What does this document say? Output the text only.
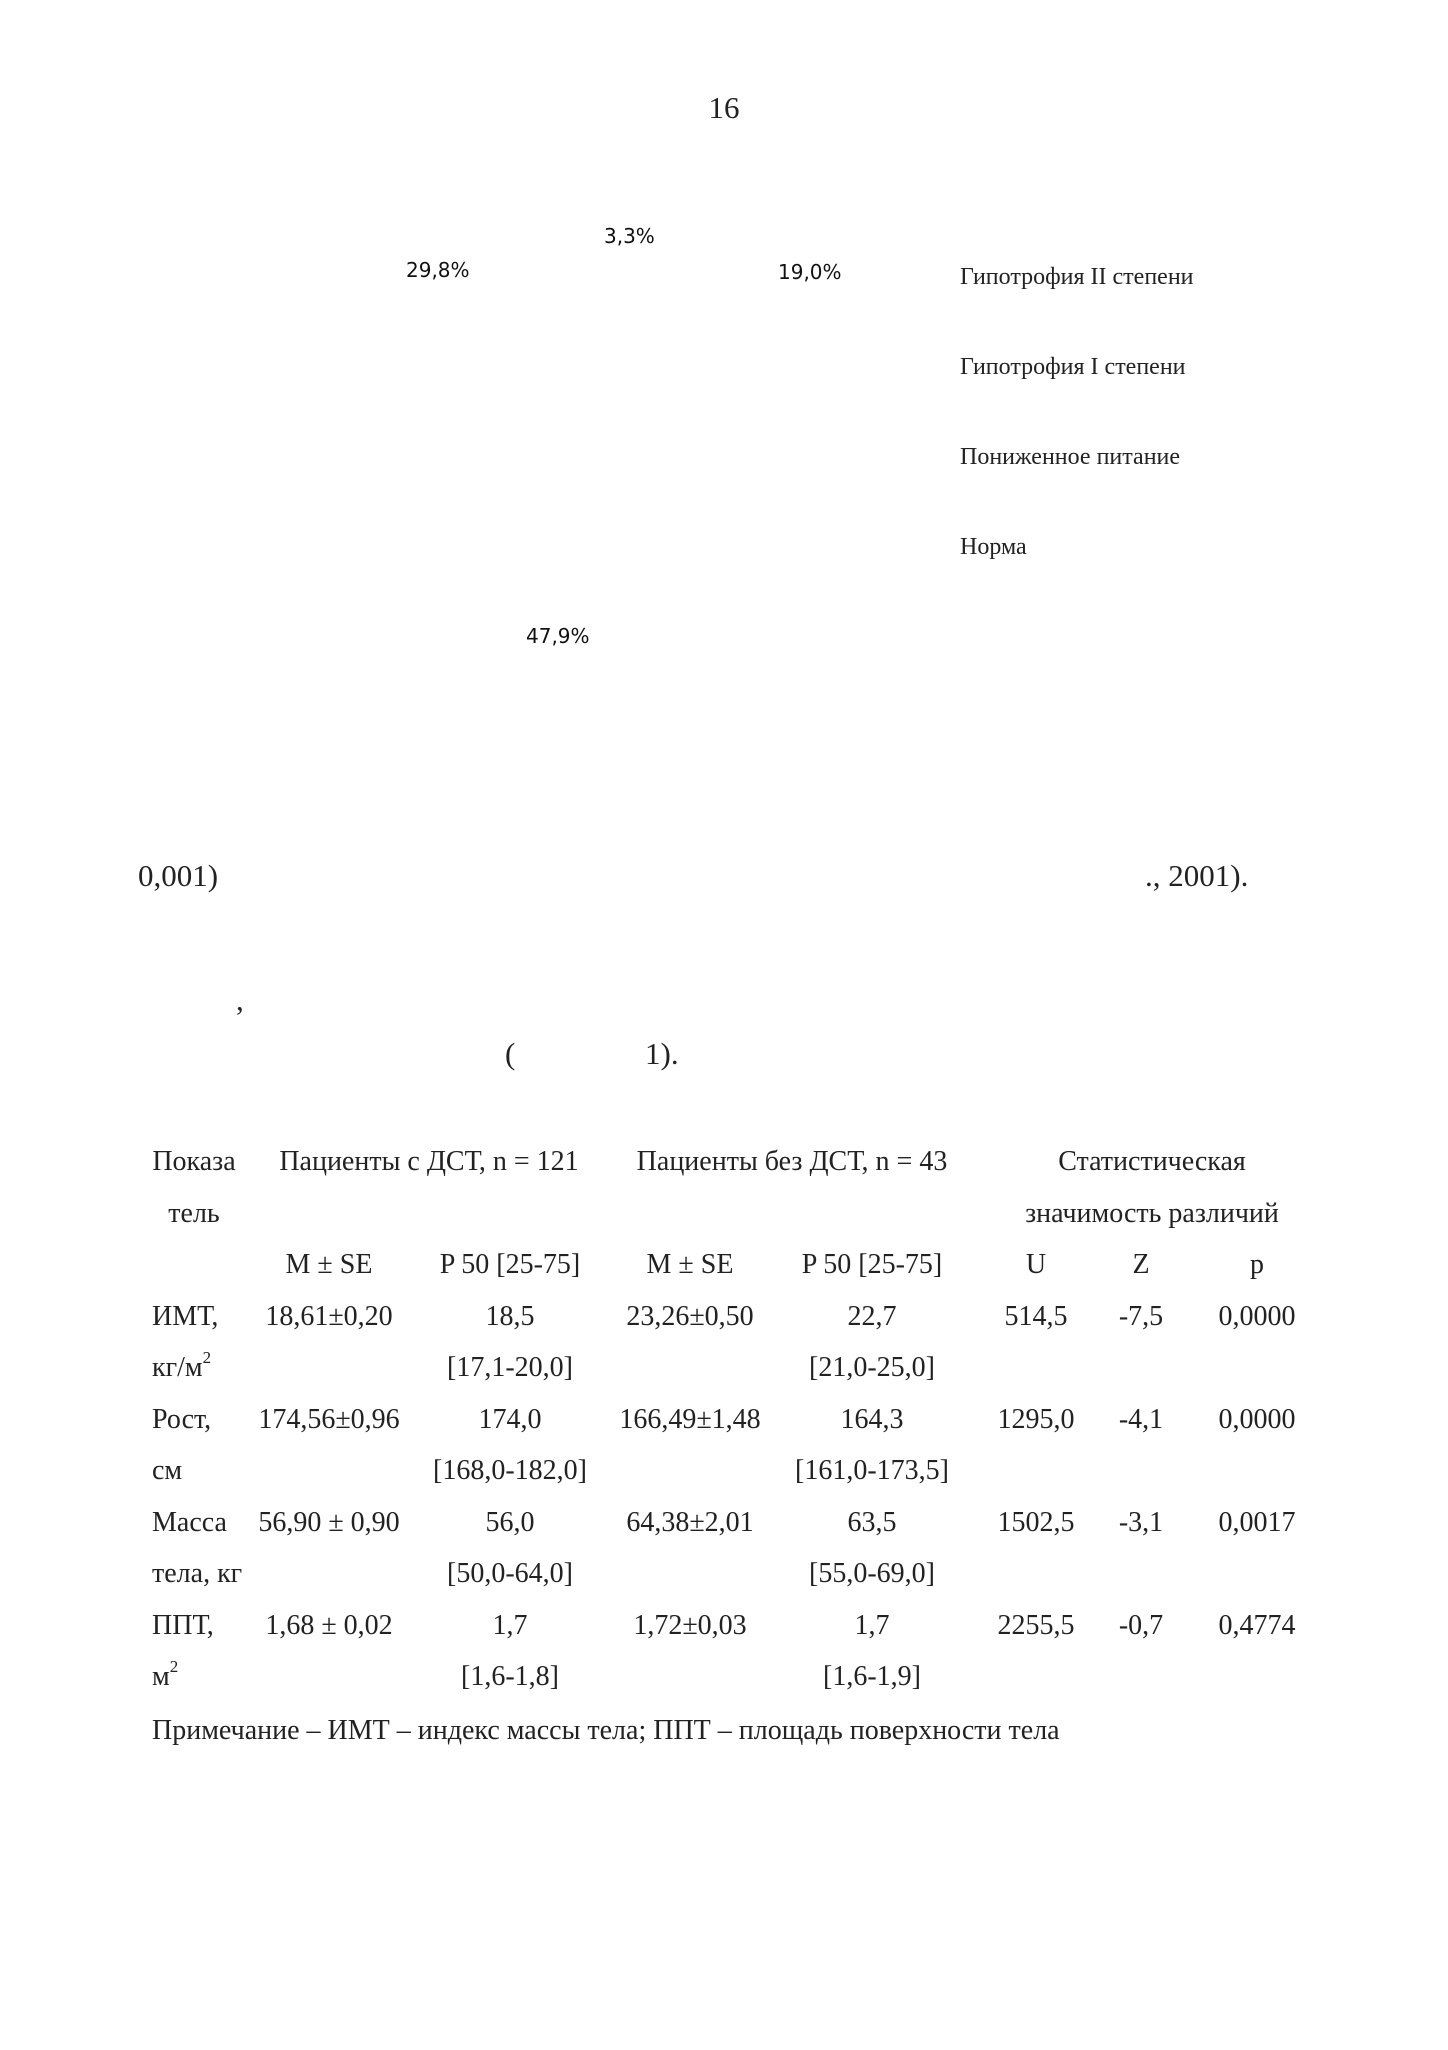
16
3,3%
19,0%
29,8%
47,9%
Гипотрофия II степени
Гипотрофия I степени
Пониженное питание
Норма
0,001)	., 2001).
,
(	1).
Показа	Пациенты с ДСТ, n = 121		Пациенты без ДСТ, n = 43		Статистическая		
тель					значимость различий		
	M ± SE	P 50 [25-75]	M ± SE	P 50 [25-75]	U	Z	p
ИМТ,	18,61±0,20	18,5	23,26±0,50	22,7	514,5	-7,5	0,0000
$кг/м^2$		[17,1-20,0]		[21,0-25,0]			
Рост,	174,56±0,96	174,0	166,49±1,48	164,3	1295,0	-4,1	0,0000
см		[168,0-182,0]		[161,0-173,5]			
Масса	56,90 ± 0,90	56,0	64,38±2,01	63,5	1502,5	-3,1	0,0017
тела, кг		[50,0-64,0]		[55,0-69,0]			
ППТ,	1,68 ± 0,02	1,7	1,72±0,03	1,7	2255,5	-0,7	0,4774
$м^2$		[1,6-1,8]		[1,6-1,9]			
Примечание – ИМТ – индекс массы тела; ППТ – площадь поверхности тела
